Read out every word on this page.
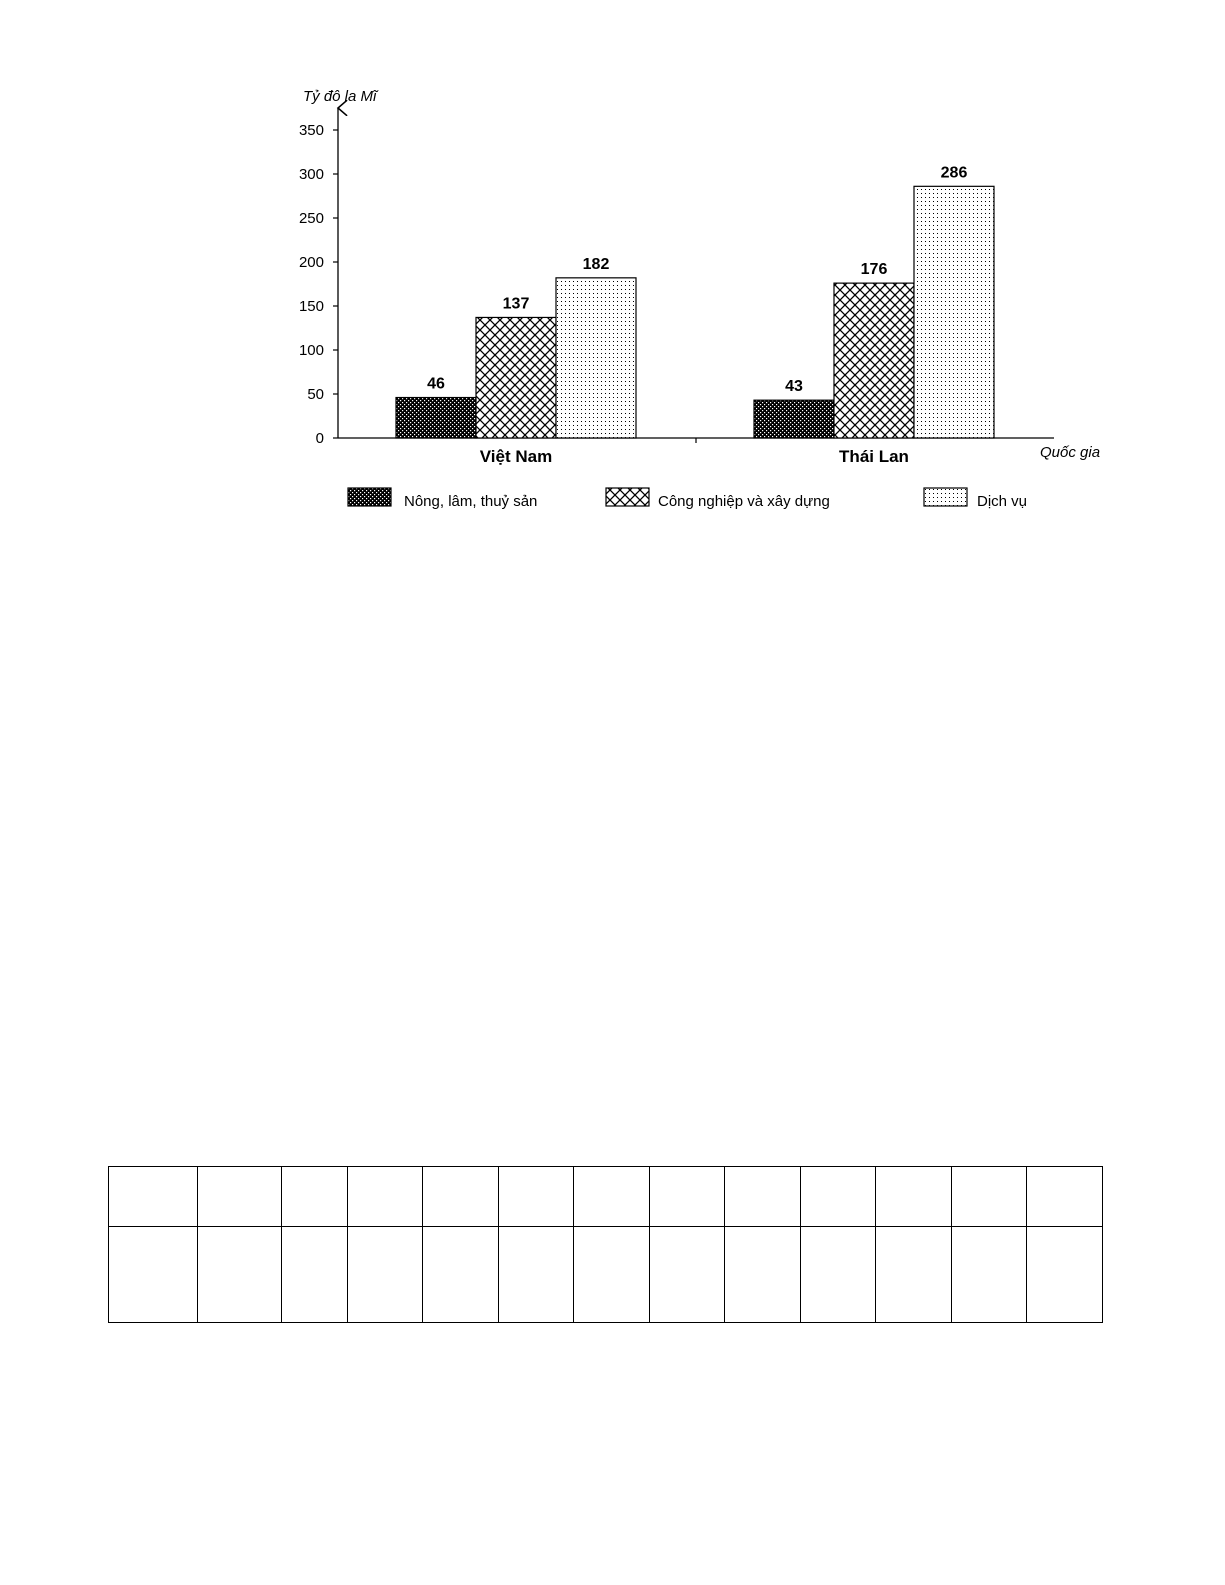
0
50
100
150
200
250
300
350
Tỷ đô la Mĩ
Quốc gia
Việt Nam
46
137
182
Thái Lan
43
176
286
Nông, lâm, thuỷ sản	Công nghiệp và xây dựng	Dịch vụ
